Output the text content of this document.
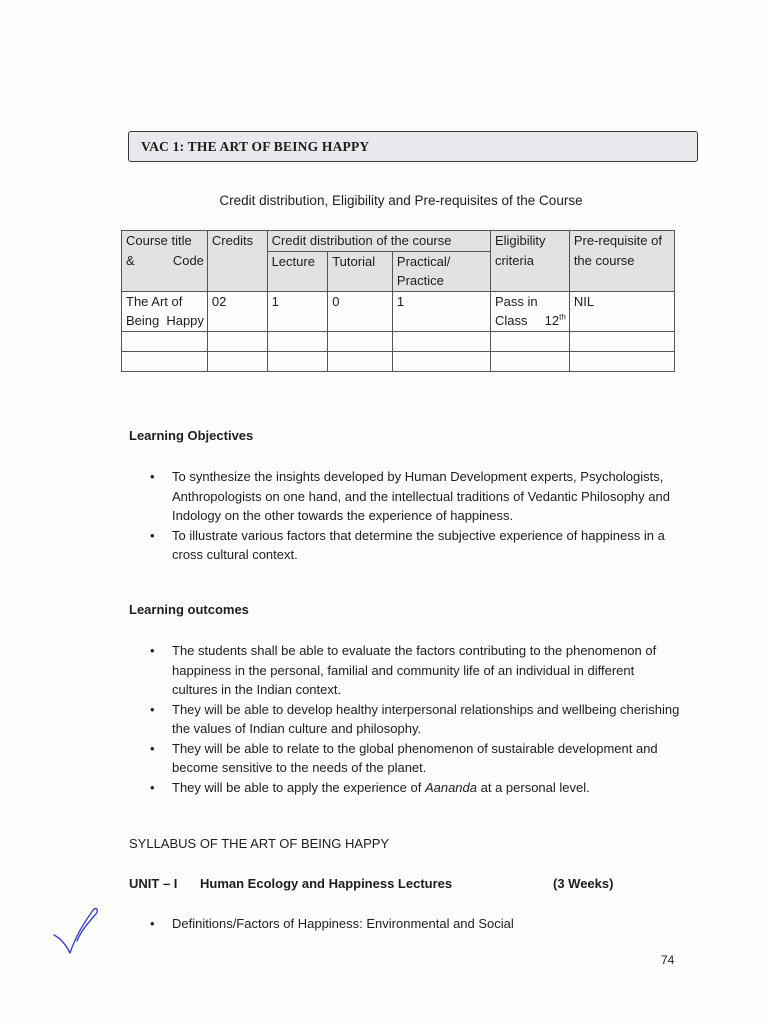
VAC 1: THE ART OF BEING HAPPY
Credit distribution, Eligibility and Pre-requisites of the Course
Course title & Code	Credits	Credit distribution of the course			Eligibility criteria	Pre-requisite of the course
		Lecture	Tutorial	Practical/ Practice		
The Art of Being Happy	02	1	0	1	Pass in Class 12th	NIL

Learning Objectives
• To synthesize the insights developed by Human Development experts, Psychologists, Anthropologists on one hand, and the intellectual traditions of Vedantic Philosophy and Indology on the other towards the experience of happiness.
• To illustrate various factors that determine the subjective experience of happiness in a cross cultural context.
Learning outcomes
• The students shall be able to evaluate the factors contributing to the phenomenon of happiness in the personal, familial and community life of an individual in different cultures in the Indian context.
• They will be able to develop healthy interpersonal relationships and wellbeing cherishing the values of Indian culture and philosophy.
• They will be able to relate to the global phenomenon of sustairable development and become sensitive to the needs of the planet.
• They will be able to apply the experience of Aananda at a personal level.
SYLLABUS OF THE ART OF BEING HAPPY
UNIT – I Human Ecology and Happiness Lectures	(3 Weeks)
• Definitions/Factors of Happiness: Environmental and Social
74
